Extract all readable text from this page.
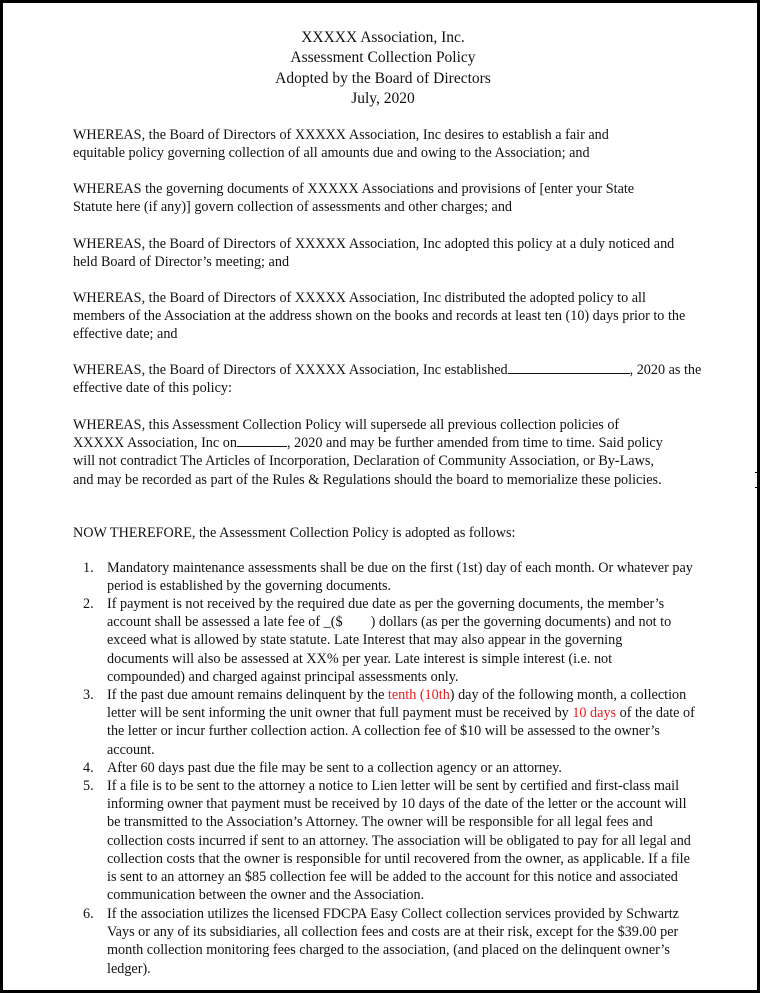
XXXXX Association, Inc.
Assessment Collection Policy
Adopted by the Board of Directors
July, 2020
WHEREAS, the Board of Directors of XXXXX Association, Inc desires to establish a fair and equitable policy governing collection of all amounts due and owing to the Association; and
WHEREAS the governing documents of XXXXX Associations and provisions of [enter your State Statute here (if any)] govern collection of assessments and other charges; and
WHEREAS, the Board of Directors of XXXXX Association, Inc adopted this policy at a duly noticed and held Board of Director’s meeting; and
WHEREAS, the Board of Directors of XXXXX Association, Inc distributed the adopted policy to all members of the Association at the address shown on the books and records at least ten (10) days prior to the effective date; and
WHEREAS, the Board of Directors of XXXXX Association, Inc established	, 2020 as the effective date of this policy:
WHEREAS, this Assessment Collection Policy will supersede all previous collection policies of XXXXX Association, Inc on	, 2020 and may be further amended from time to time. Said policy will not contradict The Articles of Incorporation, Declaration of Community Association, or By-Laws, and may be recorded as part of the Rules & Regulations should the board to memorialize these policies.
NOW THEREFORE, the Assessment Collection Policy is adopted as follows:
1. Mandatory maintenance assessments shall be due on the first (1st) day of each month. Or whatever pay period is established by the governing documents.
2. If payment is not received by the required due date as per the governing documents, the member’s account shall be assessed a late fee of _($ ) dollars (as per the governing documents) and not to exceed what is allowed by state statute. Late Interest that may also appear in the governing documents will also be assessed at XX% per year. Late interest is simple interest (i.e. not compounded) and charged against principal assessments only.
3. If the past due amount remains delinquent by the tenth (10th) day of the following month, a collection letter will be sent informing the unit owner that full payment must be received by 10 days of the date of the letter or incur further collection action. A collection fee of $10 will be assessed to the owner’s account.
4. After 60 days past due the file may be sent to a collection agency or an attorney.
5. If a file is to be sent to the attorney a notice to Lien letter will be sent by certified and first-class mail informing owner that payment must be received by 10 days of the date of the letter or the account will be transmitted to the Association’s Attorney. The owner will be responsible for all legal fees and collection costs incurred if sent to an attorney. The association will be obligated to pay for all legal and collection costs that the owner is responsible for until recovered from the owner, as applicable. If a file is sent to an attorney an $85 collection fee will be added to the account for this notice and associated communication between the owner and the Association.
6. If the association utilizes the licensed FDCPA Easy Collect collection services provided by Schwartz Vays or any of its subsidiaries, all collection fees and costs are at their risk, except for the $39.00 per month collection monitoring fees charged to the association, (and placed on the delinquent owner’s ledger).
